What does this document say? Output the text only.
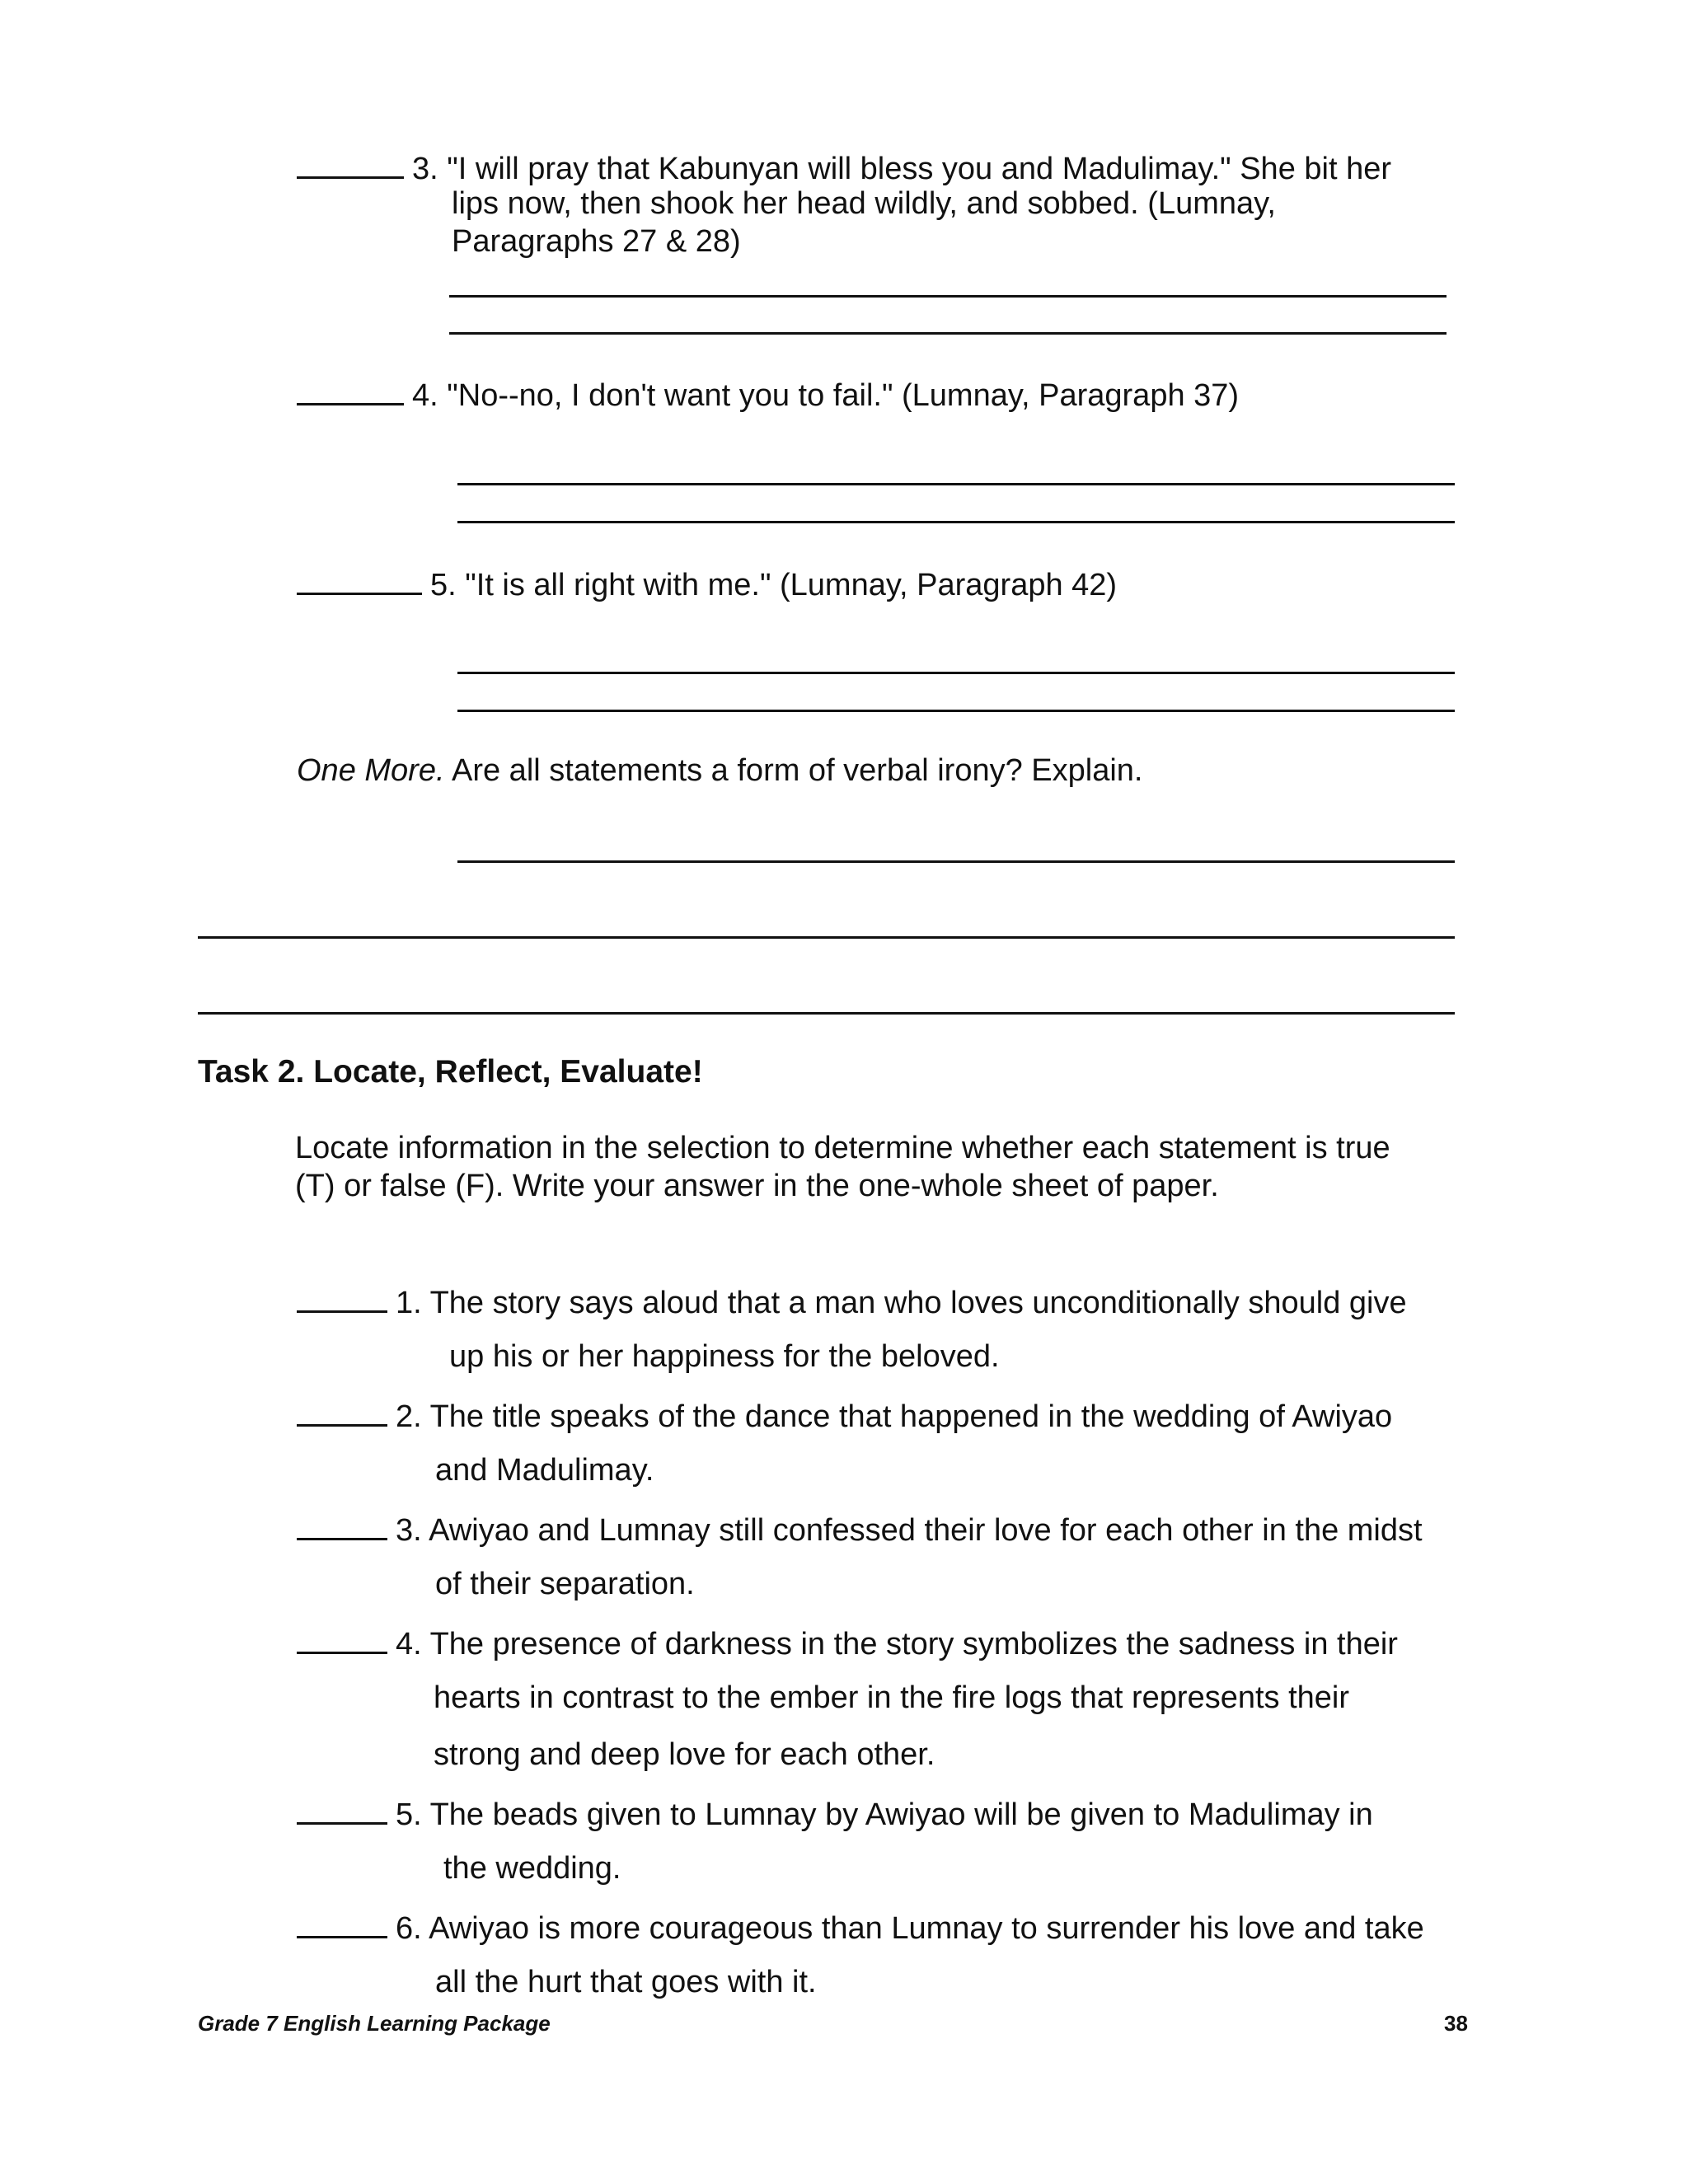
3. "I will pray that Kabunyan will bless you and Madulimay." She bit her
lips now, then shook her head wildly, and sobbed. (Lumnay,
Paragraphs 27 & 28)
4. "No--no, I don't want you to fail." (Lumnay, Paragraph 37)
5. "It is all right with me." (Lumnay, Paragraph 42)
One More. Are all statements a form of verbal irony? Explain.
Task 2. Locate, Reflect, Evaluate!
Locate information in the selection to determine whether each statement is true
(T) or false (F). Write your answer in the one-whole sheet of paper.
1. The story says aloud that a man who loves unconditionally should give
up his or her happiness for the beloved.
2. The title speaks of the dance that happened in the wedding of Awiyao
and Madulimay.
3. Awiyao and Lumnay still confessed their love for each other in the midst
of their separation.
4. The presence of darkness in the story symbolizes the sadness in their
hearts in contrast to the ember in the fire logs that represents their
strong and deep love for each other.
5. The beads given to Lumnay by Awiyao will be given to Madulimay in
the wedding.
6. Awiyao is more courageous than Lumnay to surrender his love and take
all the hurt that goes with it.
Grade 7 English Learning Package	38
